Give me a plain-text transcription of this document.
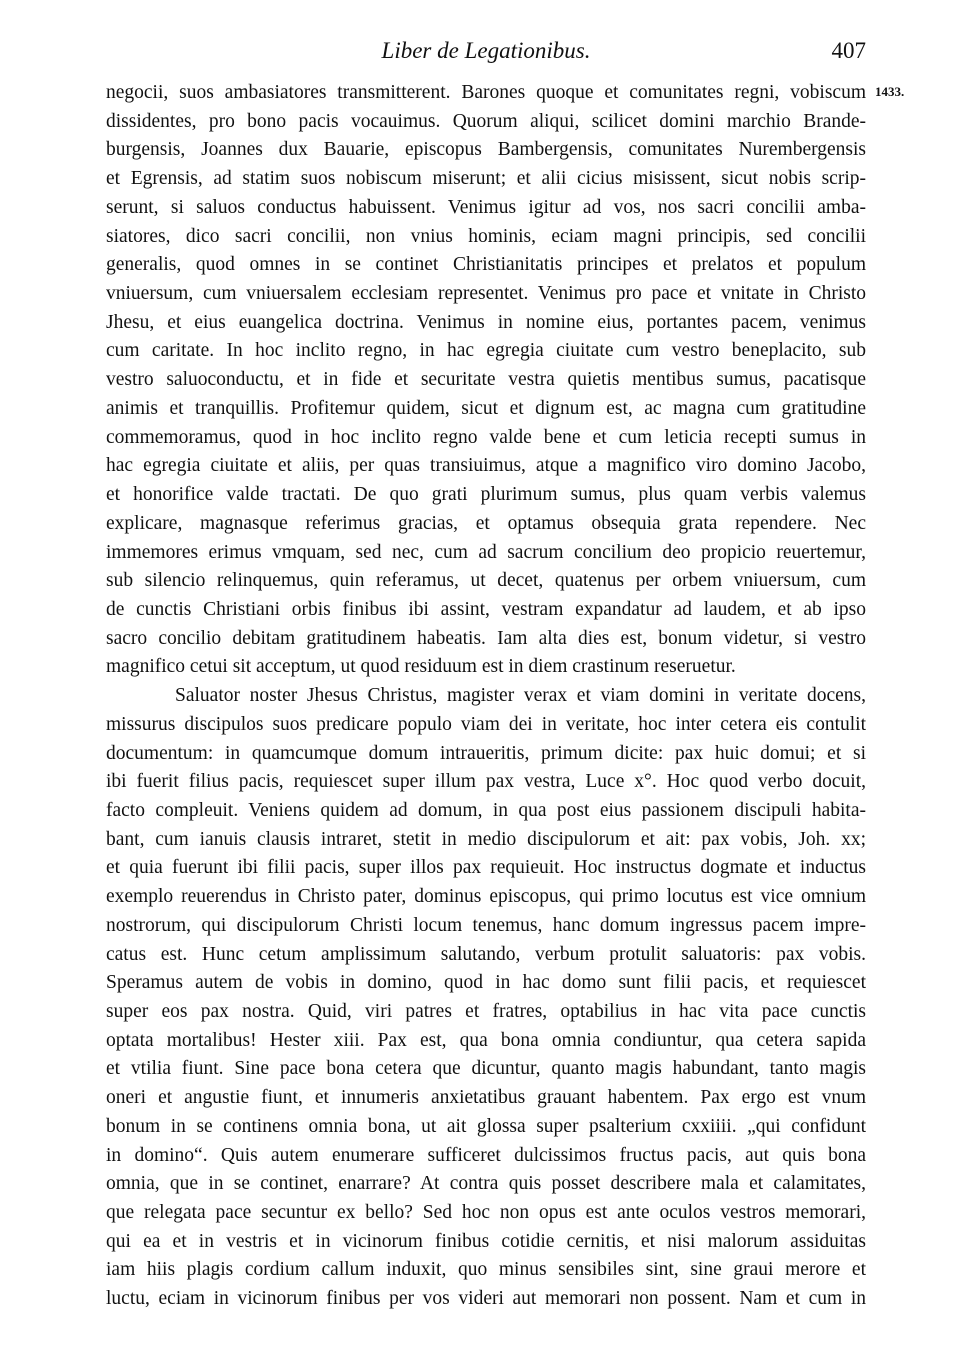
Liber de Legationibus.	407
1433.
negocii, suos ambasiatores transmitterent. Barones quoque et comunitates regni, vobiscum
dissidentes, pro bono pacis vocauimus. Quorum aliqui, scilicet domini marchio Brande-
burgensis, Joannes dux Bauarie, episcopus Bambergensis, comunitates Nurembergensis
et Egrensis, ad statim suos nobiscum miserunt; et alii cicius misissent, sicut nobis scrip-
serunt, si saluos conductus habuissent. Venimus igitur ad vos, nos sacri concilii amba-
siatores, dico sacri concilii, non vnius hominis, eciam magni principis, sed concilii
generalis, quod omnes in se continet Christianitatis principes et prelatos et populum
vniuersum, cum vniuersalem ecclesiam representet. Venimus pro pace et vnitate in Christo
Jhesu, et eius euangelica doctrina. Venimus in nomine eius, portantes pacem, venimus
cum caritate. In hoc inclito regno, in hac egregia ciuitate cum vestro beneplacito, sub
vestro saluoconductu, et in fide et securitate vestra quietis mentibus sumus, pacatisque
animis et tranquillis. Profitemur quidem, sicut et dignum est, ac magna cum gratitudine
commemoramus, quod in hoc inclito regno valde bene et cum leticia recepti sumus in
hac egregia ciuitate et aliis, per quas transiuimus, atque a magnifico viro domino Jacobo,
et honorifice valde tractati. De quo grati plurimum sumus, plus quam verbis valemus
explicare, magnasque referimus gracias, et optamus obsequia grata rependere. Nec
immemores erimus vmquam, sed nec, cum ad sacrum concilium deo propicio reuertemur,
sub silencio relinquemus, quin referamus, ut decet, quatenus per orbem vniuersum, cum
de cunctis Christiani orbis finibus ibi assint, vestram expandatur ad laudem, et ab ipso
sacro concilio debitam gratitudinem habeatis. Iam alta dies est, bonum videtur, si vestro
magnifico cetui sit acceptum, ut quod residuum est in diem crastinum reseruetur.
Saluator noster Jhesus Christus, magister verax et viam domini in veritate docens,
missurus discipulos suos predicare populo viam dei in veritate, hoc inter cetera eis contulit
documentum: in quamcumque domum intraueritis, primum dicite: pax huic domui; et si
ibi fuerit filius pacis, requiescet super illum pax vestra, Luce x°. Hoc quod verbo docuit,
facto compleuit. Veniens quidem ad domum, in qua post eius passionem discipuli habita-
bant, cum ianuis clausis intraret, stetit in medio discipulorum et ait: pax vobis, Joh. xx;
et quia fuerunt ibi filii pacis, super illos pax requieuit. Hoc instructus dogmate et inductus
exemplo reuerendus in Christo pater, dominus episcopus, qui primo locutus est vice omnium
nostrorum, qui discipulorum Christi locum tenemus, hanc domum ingressus pacem impre-
catus est. Hunc cetum amplissimum salutando, verbum protulit saluatoris: pax vobis.
Speramus autem de vobis in domino, quod in hac domo sunt filii pacis, et requiescet
super eos pax nostra. Quid, viri patres et fratres, optabilius in hac vita pace cunctis
optata mortalibus! Hester xiii. Pax est, qua bona omnia condiuntur, qua cetera sapida
et vtilia fiunt. Sine pace bona cetera que dicuntur, quanto magis habundant, tanto magis
oneri et angustie fiunt, et innumeris anxietatibus grauant habentem. Pax ergo est vnum
bonum in se continens omnia bona, ut ait glossa super psalterium cxxiiii. „qui confidunt
in domino“. Quis autem enumerare sufficeret dulcissimos fructus pacis, aut quis bona
omnia, que in se continet, enarrare? At contra quis posset describere mala et calamitates,
que relegata pace secuntur ex bello? Sed hoc non opus est ante oculos vestros memorari,
qui ea et in vestris et in vicinorum finibus cotidie cernitis, et nisi malorum assiduitas
iam hiis plagis cordium callum induxit, quo minus sensibiles sint, sine graui merore et
luctu, eciam in vicinorum finibus per vos videri aut memorari non possent. Nam et cum in
